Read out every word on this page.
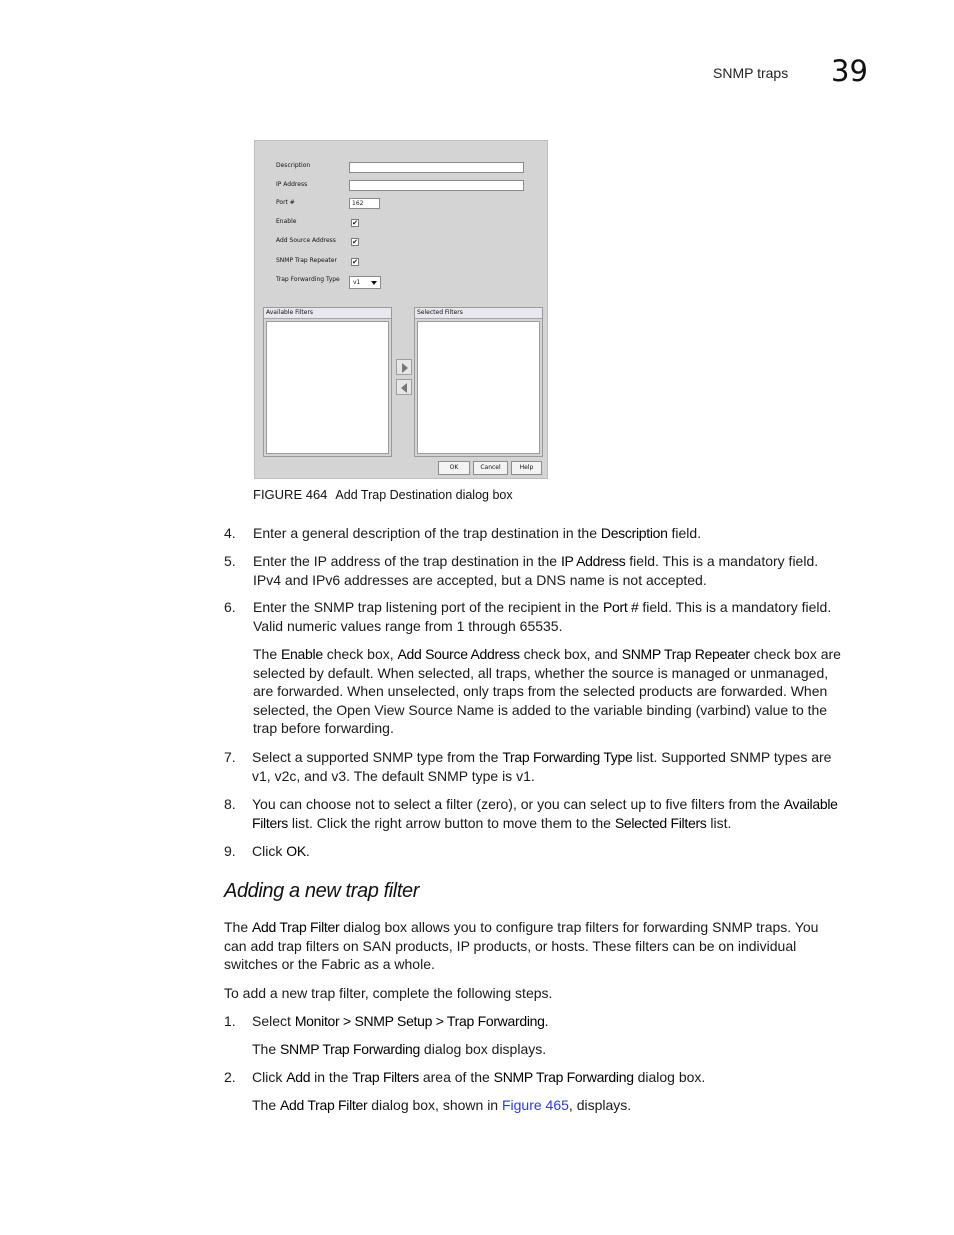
SNMP traps 39
Description
IP Address
Port #	162
Enable	✔
Add Source Address ✔
SNMP Trap Repeater ✔
Trap Forwarding Type	v1
Available Filters	Selected Filters
OK	Cancel	Help
FIGURE 464 Add Trap Destination dialog box
4. Enter a general description of the trap destination in the Description field.
5. Enter the IP address of the trap destination in the IP Address field. This is a mandatory field.
IPv4 and IPv6 addresses are accepted, but a DNS name is not accepted.
6. Enter the SNMP trap listening port of the recipient in the Port # field. This is a mandatory field.
Valid numeric values range from 1 through 65535.
The Enable check box, Add Source Address check box, and SNMP Trap Repeater check box are
selected by default. When selected, all traps, whether the source is managed or unmanaged,
are forwarded. When unselected, only traps from the selected products are forwarded. When
selected, the Open View Source Name is added to the variable binding (varbind) value to the
trap before forwarding.
7. Select a supported SNMP type from the Trap Forwarding Type list. Supported SNMP types are
v1, v2c, and v3. The default SNMP type is v1.
8. You can choose not to select a filter (zero), or you can select up to five filters from the Available
Filters list. Click the right arrow button to move them to the Selected Filters list.
9. Click OK.
Adding a new trap filter
The Add Trap Filter dialog box allows you to configure trap filters for forwarding SNMP traps. You
can add trap filters on SAN products, IP products, or hosts. These filters can be on individual
switches or the Fabric as a whole.
To add a new trap filter, complete the following steps.
1. Select Monitor > SNMP Setup > Trap Forwarding.
The SNMP Trap Forwarding dialog box displays.
2. Click Add in the Trap Filters area of the SNMP Trap Forwarding dialog box.
The Add Trap Filter dialog box, shown in Figure 465, displays.
